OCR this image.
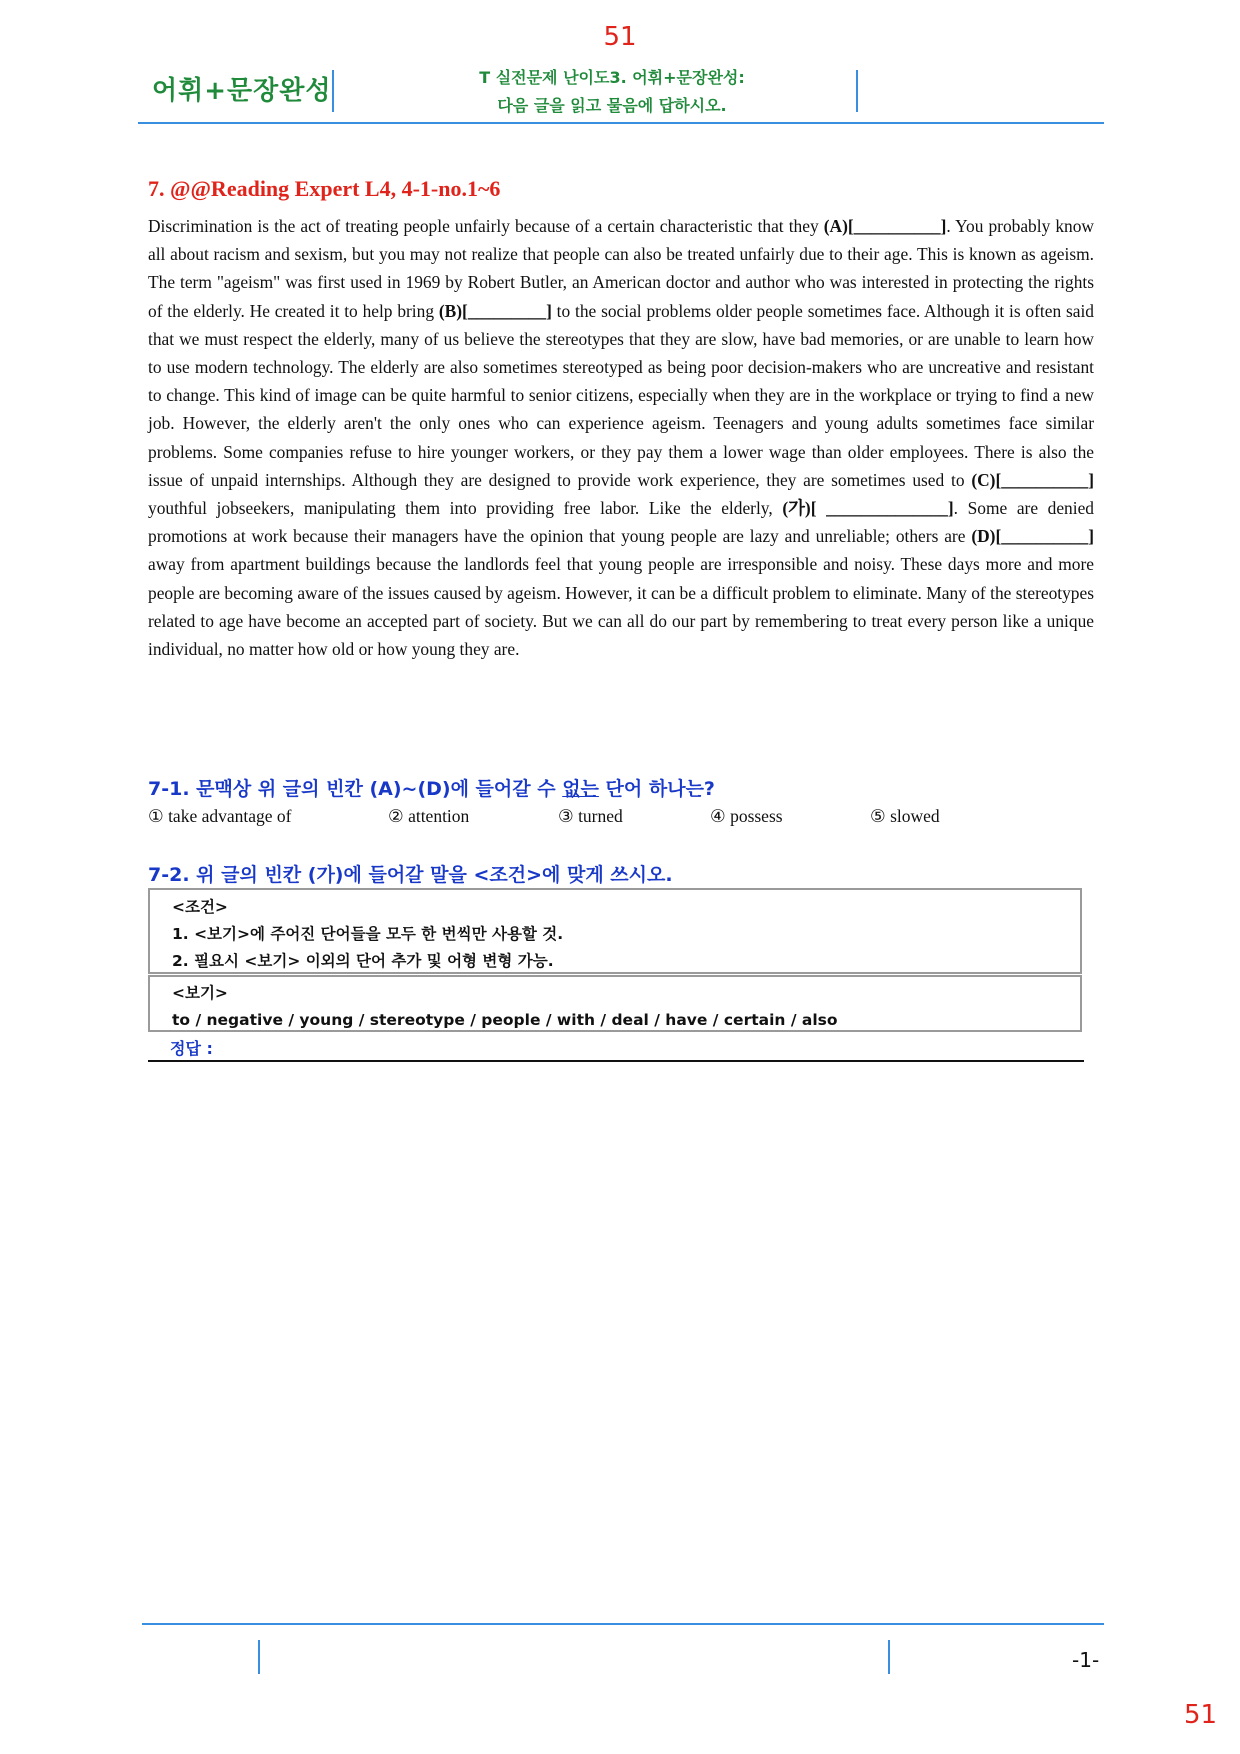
51
어휘+문장완성	T 실전문제 난이도3. 어휘+문장완성:
다음 글을 읽고 물음에 답하시오.
7. @@Reading Expert L4, 4-1-no.1~6
Discrimination is the act of treating people unfairly because of a certain characteristic that they (A)[__________]. You probably know all about racism and sexism, but you may not realize that people can also be treated unfairly due to their age. This is known as ageism. The term "ageism" was first used in 1969 by Robert Butler, an American doctor and author who was interested in protecting the rights of the elderly. He created it to help bring (B)[_________] to the social problems older people sometimes face. Although it is often said that we must respect the elderly, many of us believe the stereotypes that they are slow, have bad memories, or are unable to learn how to use modern technology. The elderly are also sometimes stereotyped as being poor decision-makers who are uncreative and resistant to change. This kind of image can be quite harmful to senior citizens, especially when they are in the workplace or trying to find a new job. However, the elderly aren't the only ones who can experience ageism. Teenagers and young adults sometimes face similar problems. Some companies refuse to hire younger workers, or they pay them a lower wage than older employees. There is also the issue of unpaid internships. Although they are designed to provide work experience, they are sometimes used to (C)[__________] youthful jobseekers, manipulating them into providing free labor. Like the elderly, (가)[ ______________]. Some are denied promotions at work because their managers have the opinion that young people are lazy and unreliable; others are (D)[__________] away from apartment buildings because the landlords feel that young people are irresponsible and noisy. These days more and more people are becoming aware of the issues caused by ageism. However, it can be a difficult problem to eliminate. Many of the stereotypes related to age have become an accepted part of society. But we can all do our part by remembering to treat every person like a unique individual, no matter how old or how young they are.
7-1. 문맥상 위 글의 빈칸 (A)~(D)에 들어갈 수 없는 단어 하나는?
① take advantage of	② attention	③ turned	④ possess	⑤ slowed
7-2. 위 글의 빈칸 (가)에 들어갈 말을 <조건>에 맞게 쓰시오.
<조건>
1. <보기>에 주어진 단어들을 모두 한 번씩만 사용할 것.
2. 필요시 <보기> 이외의 단어 추가 및 어형 변형 가능.
<보기>
to / negative / young / stereotype / people / with / deal / have / certain / also
정답 :
-1-
51
